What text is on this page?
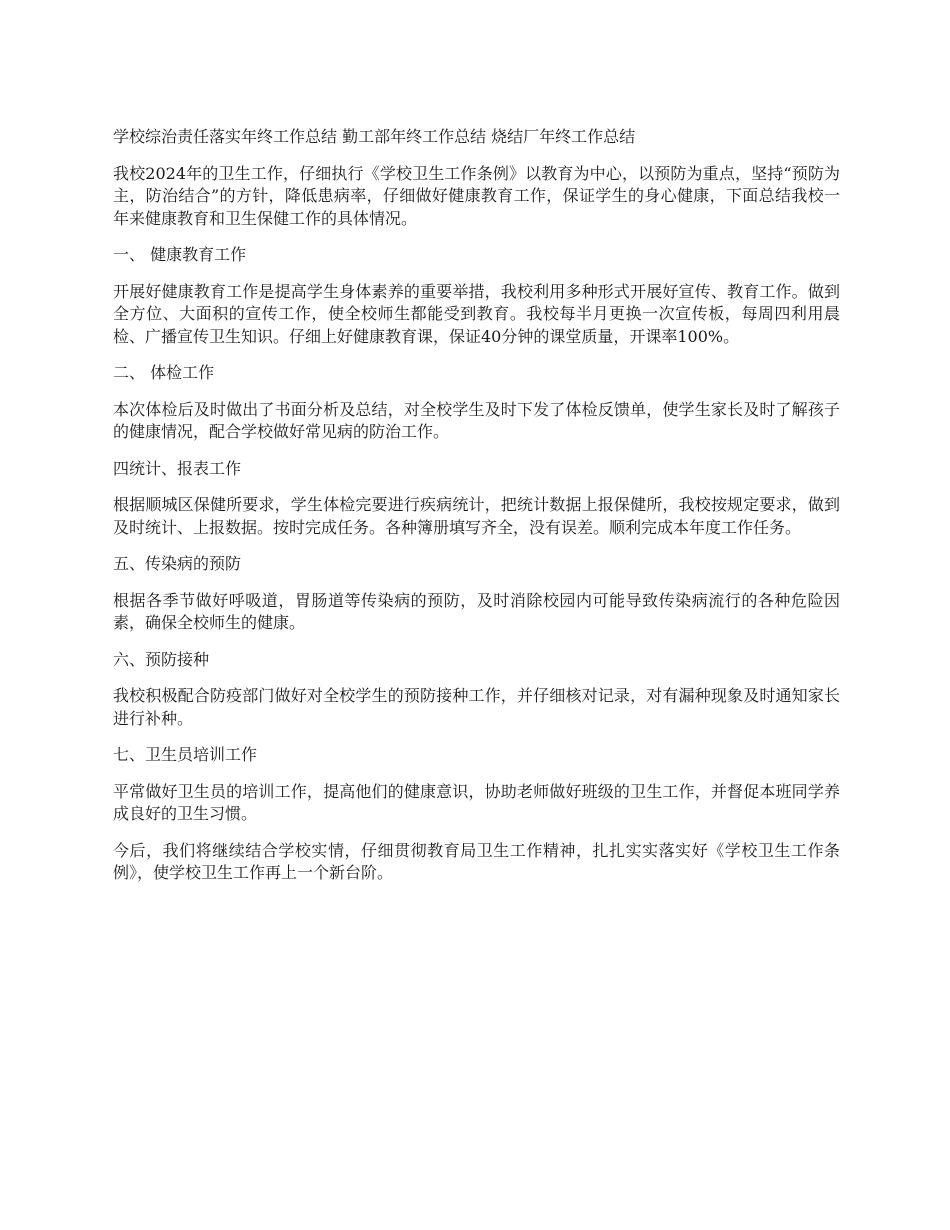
学校综治责任落实年终工作总结 勤工部年终工作总结 烧结厂年终工作总结

我校2024年的卫生工作，仔细执行《学校卫生工作条例》以教育为中心，以预防为重点，坚持“预防为主，防治结合”的方针，降低患病率，仔细做好健康教育工作，保证学生的身心健康，下面总结我校一年来健康教育和卫生保健工作的具体情况。

一、 健康教育工作

开展好健康教育工作是提高学生身体素养的重要举措，我校利用多种形式开展好宣传、教育工作。做到全方位、大面积的宣传工作，使全校师生都能受到教育。我校每半月更换一次宣传板，每周四利用晨检、广播宣传卫生知识。仔细上好健康教育课，保证40分钟的课堂质量，开课率100%。

二、 体检工作

本次体检后及时做出了书面分析及总结，对全校学生及时下发了体检反馈单，使学生家长及时了解孩子的健康情况，配合学校做好常见病的防治工作。

四统计、报表工作

根据顺城区保健所要求，学生体检完要进行疾病统计，把统计数据上报保健所，我校按规定要求，做到及时统计、上报数据。按时完成任务。各种簿册填写齐全，没有误差。顺利完成本年度工作任务。

五、传染病的预防

根据各季节做好呼吸道，胃肠道等传染病的预防，及时消除校园内可能导致传染病流行的各种危险因素，确保全校师生的健康。

六、预防接种

我校积极配合防疫部门做好对全校学生的预防接种工作，并仔细核对记录，对有漏种现象及时通知家长进行补种。

七、卫生员培训工作

平常做好卫生员的培训工作，提高他们的健康意识，协助老师做好班级的卫生工作，并督促本班同学养成良好的卫生习惯。

今后，我们将继续结合学校实情，仔细贯彻教育局卫生工作精神，扎扎实实落实好《学校卫生工作条例》，使学校卫生工作再上一个新台阶。
